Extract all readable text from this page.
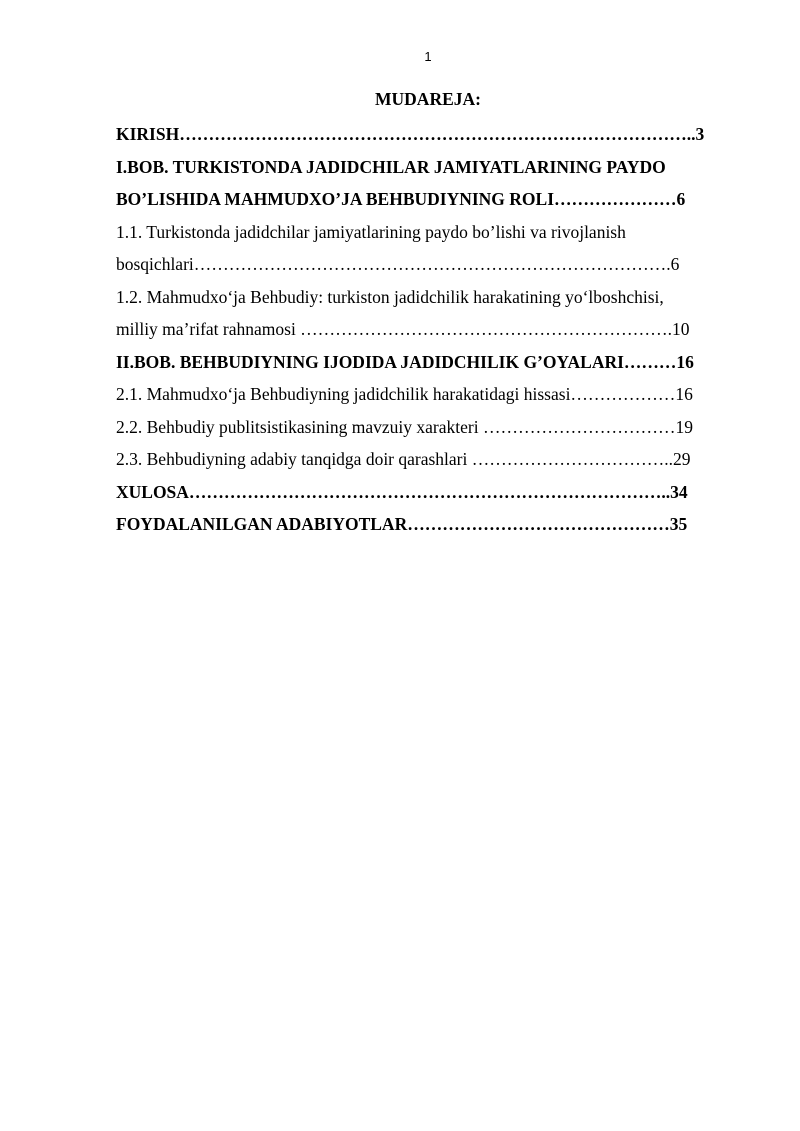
1
MUDAREJA:
KIRISH……………………………………………………………………………..3
I.BOB. TURKISTONDA JADIDCHILAR JAMIYATLARINING PAYDO
BO’LISHIDA MAHMUDXO’JA BEHBUDIYNING ROLI…………………6
1.1. Turkistonda jadidchilar jamiyatlarining paydo bo’lishi va rivojlanish
bosqichlari……………………………………………………………………….6
1.2. Mahmudxoʻja Behbudiy: turkiston jadidchilik harakatining yoʻlboshchisi,
milliy maʼrifat rahnamosi ……………………………………………………….10
II.BOB. BEHBUDIYNING IJODIDA JADIDCHILIK G’OYALARI………16
2.1. Mahmudxoʻja Behbudiyning jadidchilik harakatidagi hissasi………………16
2.2. Behbudiy publitsistikasining mavzuiy xarakteri ……………………………19
2.3. Behbudiyning adabiy tanqidga doir qarashlari ……………………………..29
XULOSA………………………………………………………………………..34
FOYDALANILGAN ADABIYOTLAR………………………………………35
